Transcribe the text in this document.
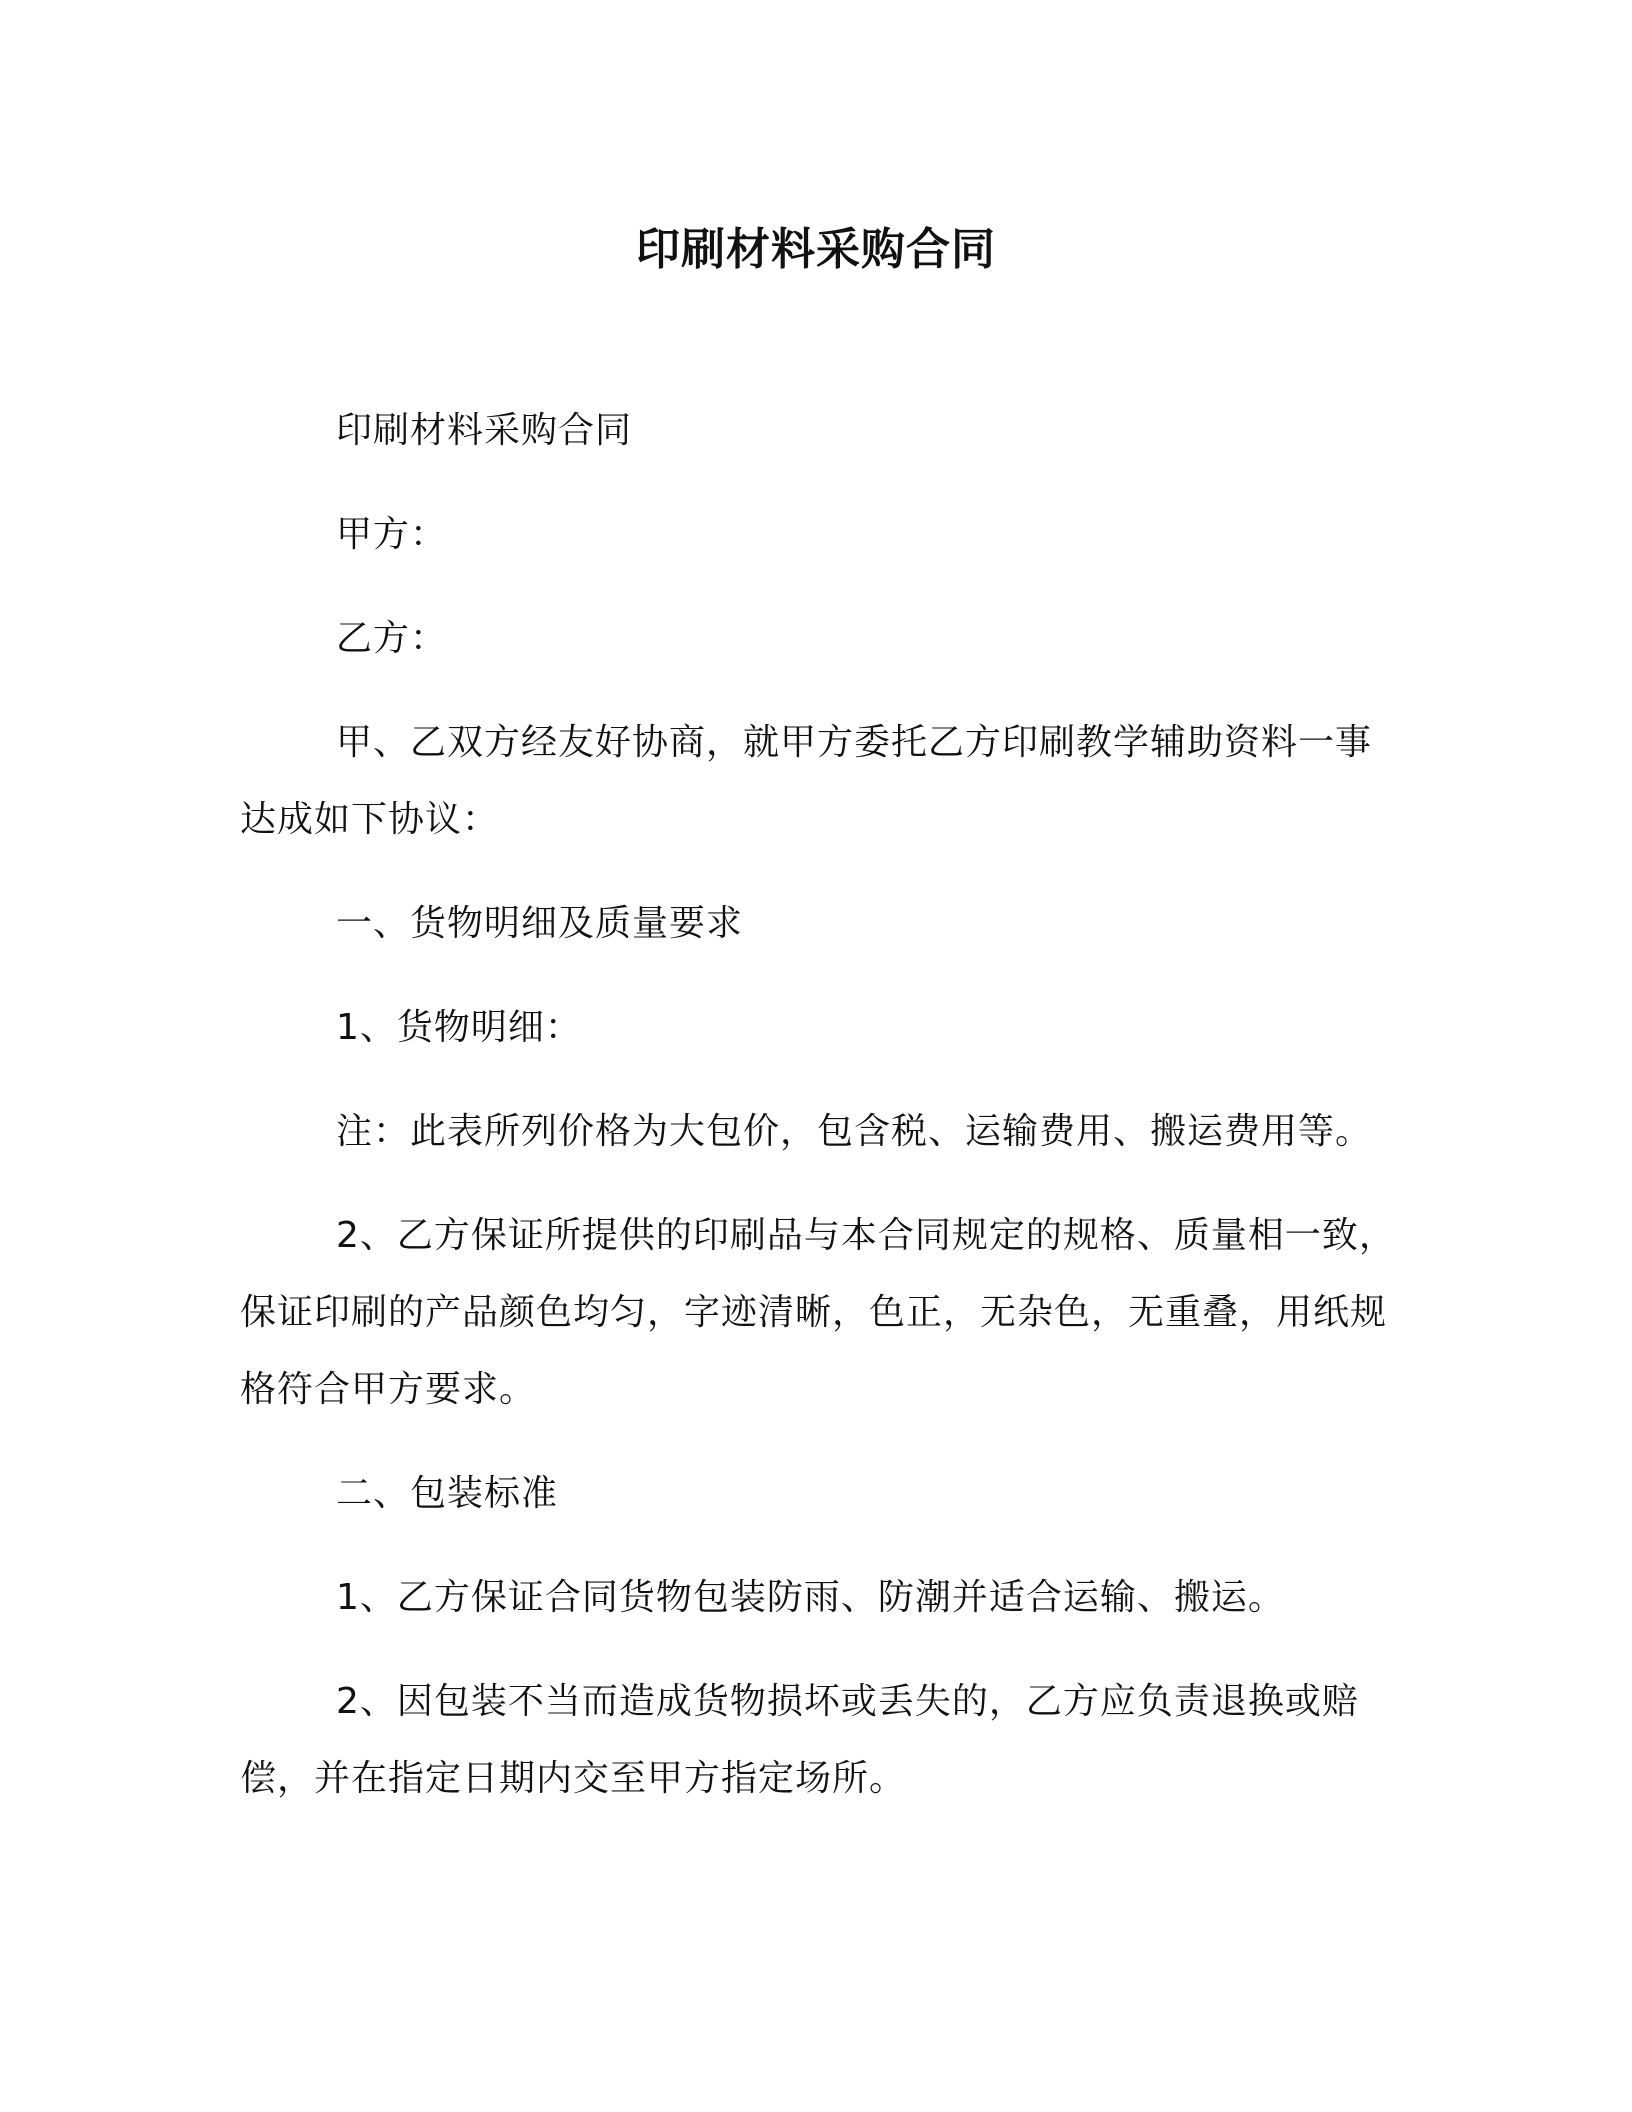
印刷材料采购合同

印刷材料采购合同

甲方：

乙方：

甲、乙双方经友好协商，就甲方委托乙方印刷教学辅助资料一事达成如下协议：

一、货物明细及质量要求

1、货物明细：

注：此表所列价格为大包价，包含税、运输费用、搬运费用等。

2、乙方保证所提供的印刷品与本合同规定的规格、质量相一致，保证印刷的产品颜色均匀，字迹清晰，色正，无杂色，无重叠，用纸规格符合甲方要求。

二、包装标准

1、乙方保证合同货物包装防雨、防潮并适合运输、搬运。

2、因包装不当而造成货物损坏或丢失的，乙方应负责退换或赔偿，并在指定日期内交至甲方指定场所。
